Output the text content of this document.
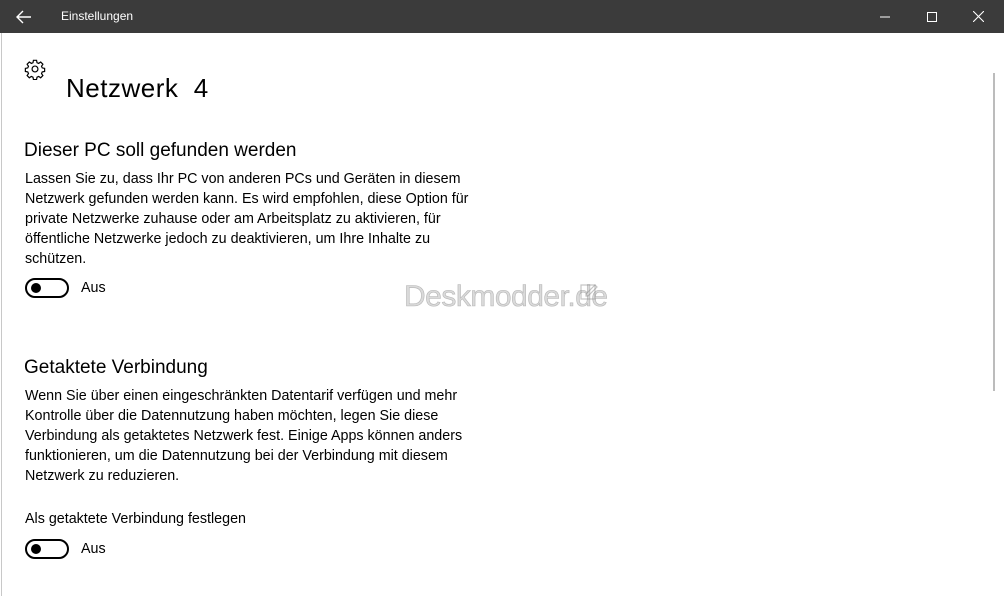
Einstellungen
Netzwerk  4
Dieser PC soll gefunden werden
Lassen Sie zu, dass Ihr PC von anderen PCs und Geräten in diesem Netzwerk gefunden werden kann. Es wird empfohlen, diese Option für private Netzwerke zuhause oder am Arbeitsplatz zu aktivieren, für öffentliche Netzwerke jedoch zu deaktivieren, um Ihre Inhalte zu schützen.
Aus	Deskmodder.de
Getaktete Verbindung
Wenn Sie über einen eingeschränkten Datentarif verfügen und mehr Kontrolle über die Datennutzung haben möchten, legen Sie diese Verbindung als getaktetes Netzwerk fest. Einige Apps können anders funktionieren, um die Datennutzung bei der Verbindung mit diesem Netzwerk zu reduzieren.
Als getaktete Verbindung festlegen
Aus
